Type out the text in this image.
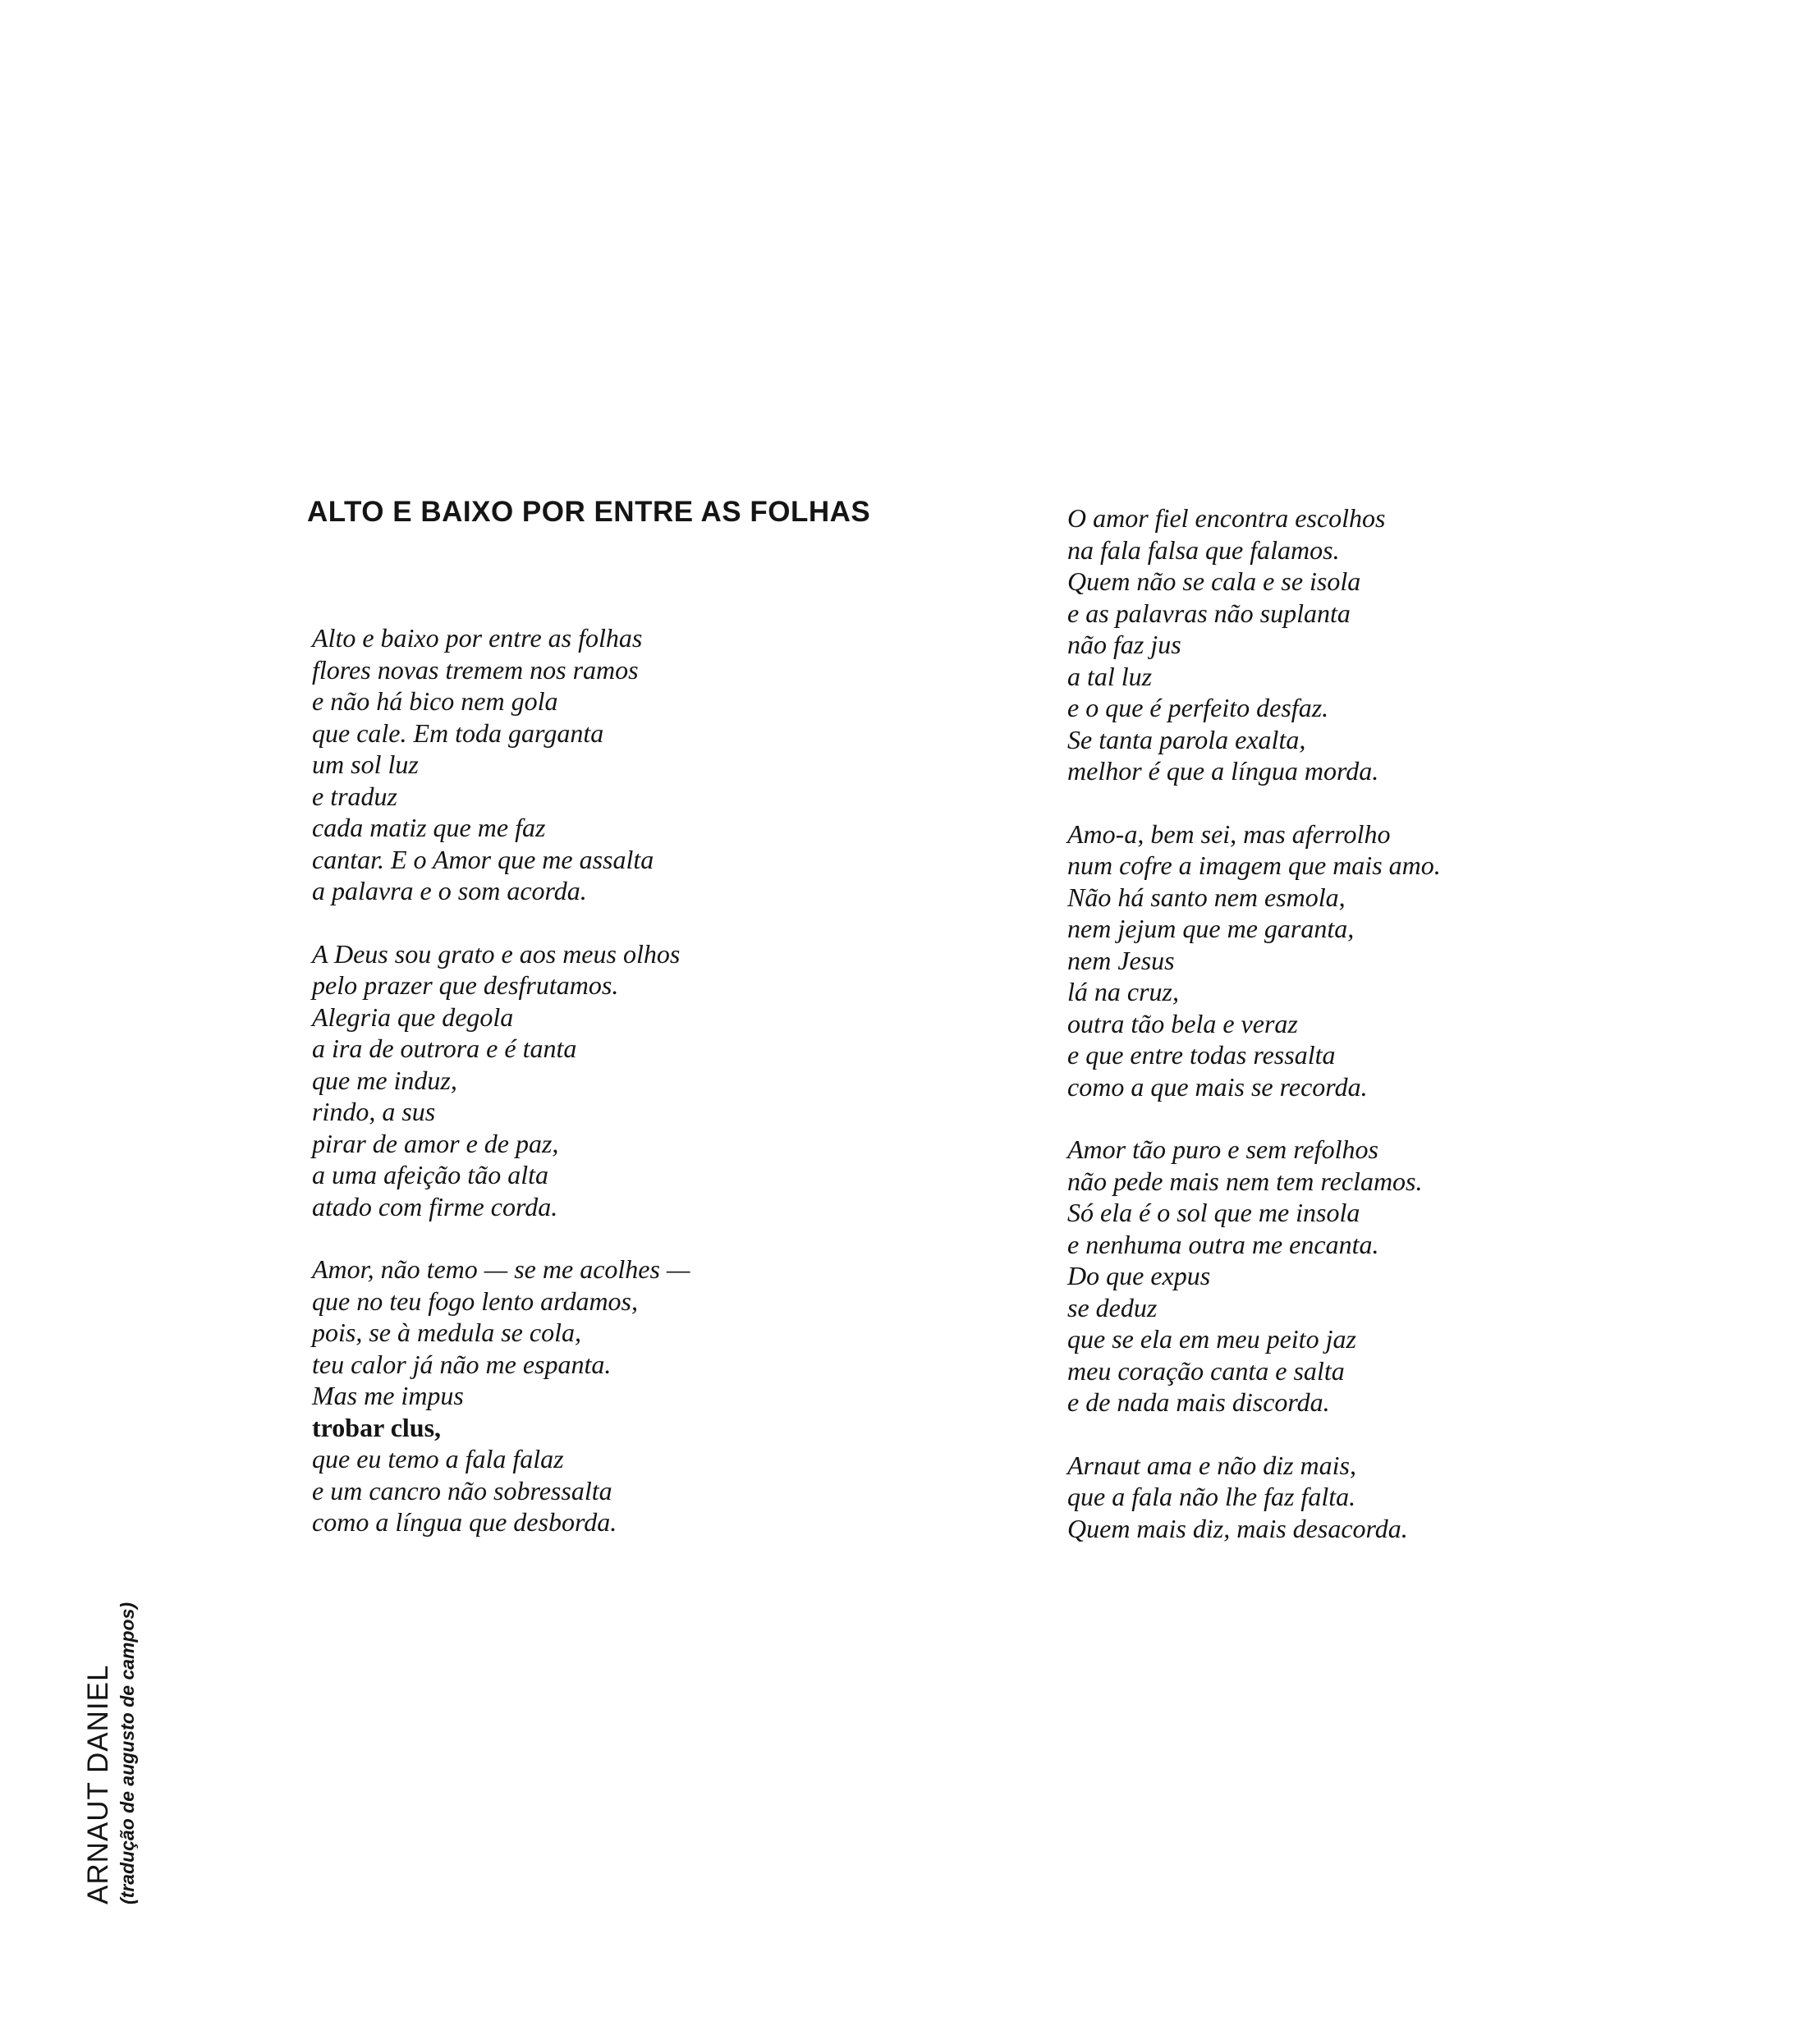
ALTO E BAIXO POR ENTRE AS FOLHAS
Alto e baixo por entre as folhas
flores novas tremem nos ramos
e não há bico nem gola
que cale. Em toda garganta
um sol luz
e traduz
cada matiz que me faz
cantar. E o Amor que me assalta
a palavra e o som acorda.
A Deus sou grato e aos meus olhos
pelo prazer que desfrutamos.
Alegria que degola
a ira de outrora e é tanta
que me induz,
rindo, a sus
pirar de amor e de paz,
a uma afeição tão alta
atado com firme corda.
Amor, não temo — se me acolhes —
que no teu fogo lento ardamos,
pois, se à medula se cola,
teu calor já não me espanta.
Mas me impus
trobar clus,
que eu temo a fala falaz
e um cancro não sobressalta
como a língua que desborda.
O amor fiel encontra escolhos
na fala falsa que falamos.
Quem não se cala e se isola
e as palavras não suplanta
não faz jus
a tal luz
e o que é perfeito desfaz.
Se tanta parola exalta,
melhor é que a língua morda.
Amo-a, bem sei, mas aferrolho
num cofre a imagem que mais amo.
Não há santo nem esmola,
nem jejum que me garanta,
nem Jesus
lá na cruz,
outra tão bela e veraz
e que entre todas ressalta
como a que mais se recorda.
Amor tão puro e sem refolhos
não pede mais nem tem reclamos.
Só ela é o sol que me insola
e nenhuma outra me encanta.
Do que expus
se deduz
que se ela em meu peito jaz
meu coração canta e salta
e de nada mais discorda.
Arnaut ama e não diz mais,
que a fala não lhe faz falta.
Quem mais diz, mais desacorda.
ARNAUT DANIEL (tradução de augusto de campos)
